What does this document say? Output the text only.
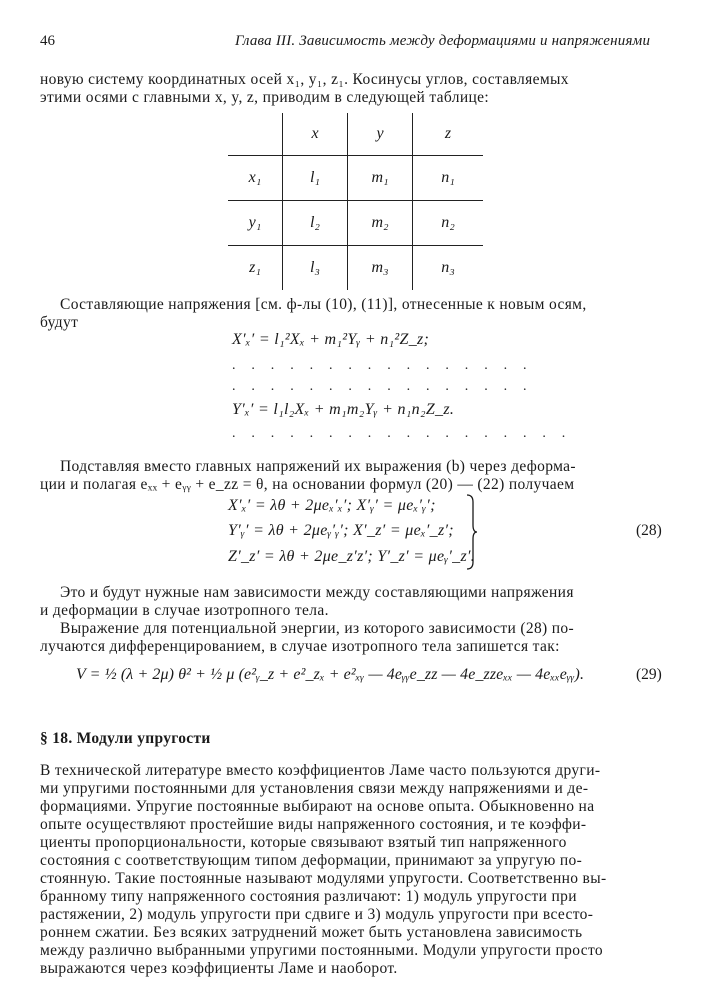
46	Глава III. Зависимость между деформациями и напряжениями
новую систему координатных осей x₁, y₁, z₁. Косинусы углов, составляемых
этими осями с главными x, y, z, приводим в следующей таблице:
	x	y	z
x₁	l₁	m₁	n₁
y₁	l₂	m₂	n₂
z₁	l₃	m₃	n₃
Составляющие напряжения [см. ф-лы (10), (11)], отнесенные к новым осям,
будут
X′ₓ′ = l₁²Xₓ + m₁²Yᵧ + n₁²Z_z;
. . . . . . . . . . . . . . . .
. . . . . . . . . . . . . . . .
Y′ₓ′ = l₁l₂Xₓ + m₁m₂Yᵧ + n₁n₂Z_z.
. . . . . . . . . . . . . . . . . .
Подставляя вместо главных напряжений их выражения (b) через деформа-
ции и полагая eₓₓ + eᵧᵧ + e_zz = θ, на основании формул (20) — (22) получаем
X′ₓ′ = λθ + 2μeₓ′ₓ′; X′ᵧ′ = μeₓ′ᵧ′;
Y′ᵧ′ = λθ + 2μeᵧ′ᵧ′; X′_z′ = μeₓ′_z′;
Z′_z′ = λθ + 2μe_z′z′; Y′_z′ = μeᵧ′_z′.
(28)
Это и будут нужные нам зависимости между составляющими напряжения
и деформации в случае изотропного тела.
Выражение для потенциальной энергии, из которого зависимости (28) по-
лучаются дифференцированием, в случае изотропного тела запишется так:
V = ½ (λ + 2μ) θ² + ½ μ (e²ᵧ_z + e²_zₓ + e²ₓᵧ — 4eᵧᵧe_zz — 4e_zzeₓₓ — 4eₓₓeᵧᵧ).	(29)
§ 18. Модули упругости
В технической литературе вместо коэффициентов Ламе часто пользуются други-
ми упругими постоянными для установления связи между напряжениями и де-
формациями. Упругие постоянные выбирают на основе опыта. Обыкновенно на
опыте осуществляют простейшие виды напряженного состояния, и те коэффи-
циенты пропорциональности, которые связывают взятый тип напряженного
состояния с соответствующим типом деформации, принимают за упругую по-
стоянную. Такие постоянные называют модулями упругости. Соответственно вы-
бранному типу напряженного состояния различают: 1) модуль упругости при
растяжении, 2) модуль упругости при сдвиге и 3) модуль упругости при всесто-
роннем сжатии. Без всяких затруднений может быть установлена зависимость
между различно выбранными упругими постоянными. Модули упругости просто
выражаются через коэффициенты Ламе и наоборот.
